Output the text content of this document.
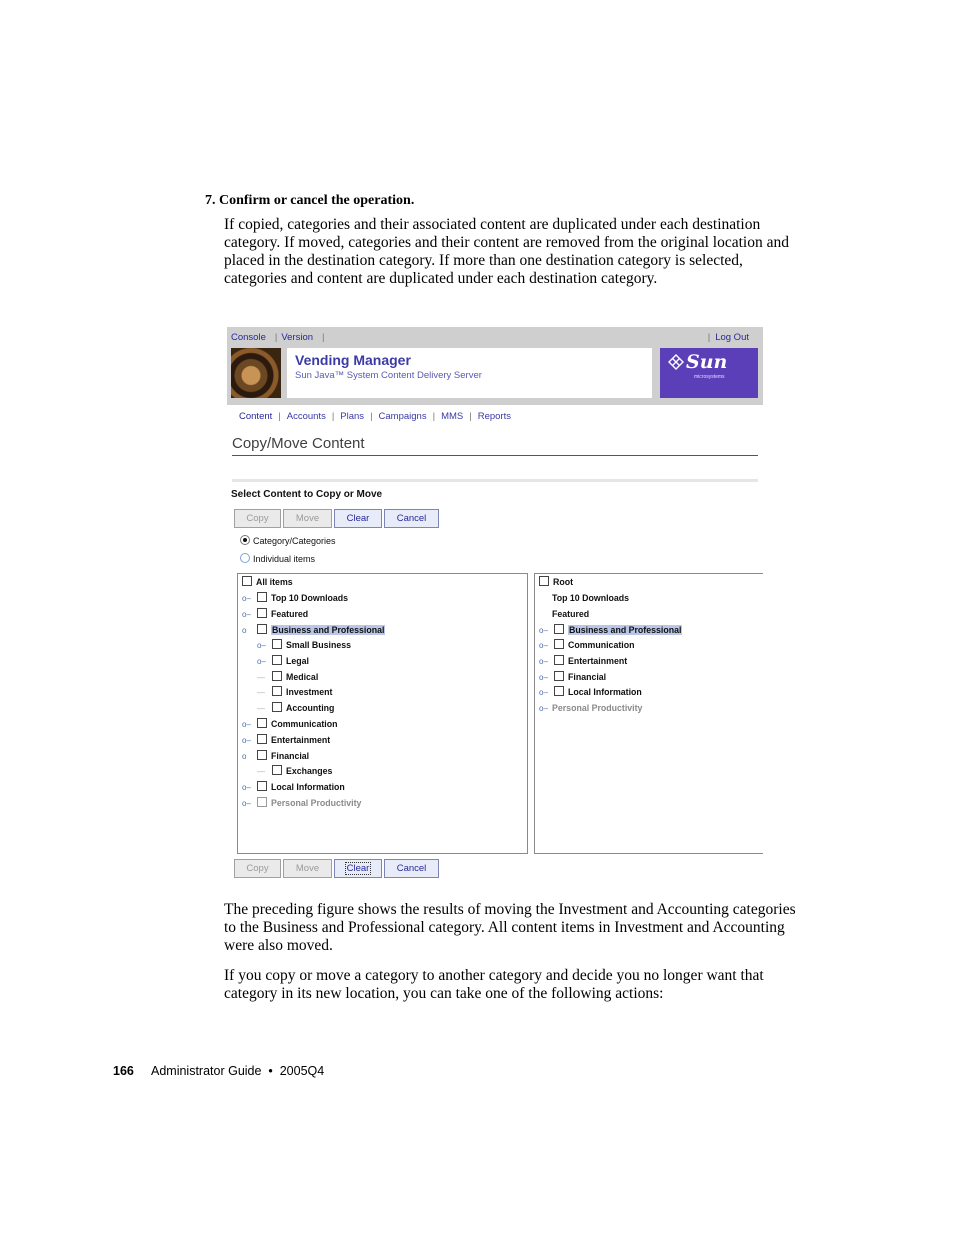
7. Confirm or cancel the operation.
If copied, categories and their associated content are duplicated under each destination category. If moved, categories and their content are removed from the original location and placed in the destination category. If more than one destination category is selected, categories and content are duplicated under each destination category.
Console | Version |	| Log Out
Vending Manager
Sun Java™ System Content Delivery Server
Sun
microsystems
Content | Accounts | Plans | Campaigns | MMS | Reports
Copy/Move Content
Select Content to Copy or Move
Copy	Move	Clear	Cancel
Category/Categories
Individual items
All items
o–	Top 10 Downloads
o–	Featured
o	Business and Professional
o–	Small Business
o–	Legal
—	Medical
—	Investment
—	Accounting
o–	Communication
o–	Entertainment
o	Financial
—	Exchanges
o–	Local Information
o–	Personal Productivity
Root
Top 10 Downloads
Featured
o–	Business and Professional
o–	Communication
o–	Entertainment
o–	Financial
o–	Local Information
o– Personal Productivity
Copy	Move	Clear	Cancel
The preceding figure shows the results of moving the Investment and Accounting categories to the Business and Professional category. All content items in Investment and Accounting were also moved.
If you copy or move a category to another category and decide you no longer want that category in its new location, you can take one of the following actions:
166 Administrator Guide  •  2005Q4
